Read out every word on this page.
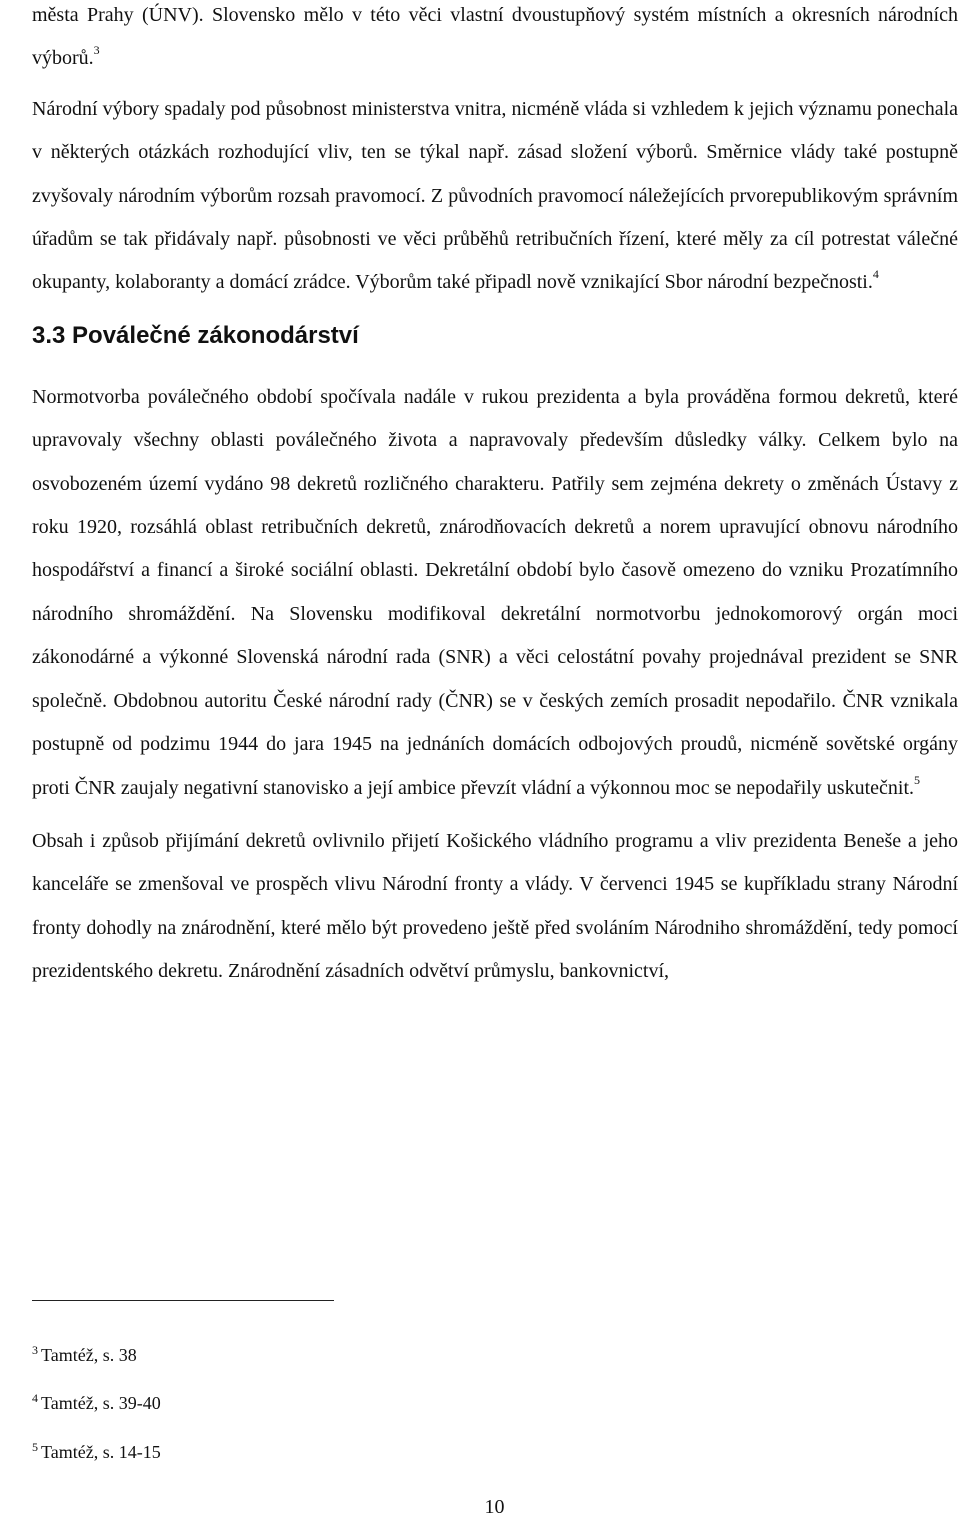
města Prahy (ÚNV). Slovensko mělo v této věci vlastní dvoustupňový systém místních a okresních národních výborů.$^3$

Národní výbory spadaly pod působnost ministerstva vnitra, nicméně vláda si vzhledem k jejich významu ponechala v některých otázkách rozhodující vliv, ten se týkal např. zásad složení výborů. Směrnice vlády také postupně zvyšovaly národním výborům rozsah pravomocí. Z původních pravomocí náležejících prvorepublikovým správním úřadům se tak přidávaly např. působnosti ve věci průběhů retribučních řízení, které měly za cíl potrestat válečné okupanty, kolaboranty a domácí zrádce. Výborům také připadl nově vznikající Sbor národní bezpečnosti.$^4$

3.3 Poválečné zákonodárství

Normotvorba poválečného období spočívala nadále v rukou prezidenta a byla prováděna formou dekretů, které upravovaly všechny oblasti poválečného života a napravovaly především důsledky války. Celkem bylo na osvobozeném území vydáno 98 dekretů rozličného charakteru. Patřily sem zejména dekrety o změnách Ústavy z roku 1920, rozsáhlá oblast retribučních dekretů, znárodňovacích dekretů a norem upravující obnovu národního hospodářství a financí a široké sociální oblasti. Dekretální období bylo časově omezeno do vzniku Prozatímního národního shromáždění. Na Slovensku modifikoval dekretální normotvorbu jednokomorový orgán moci zákonodárné a výkonné Slovenská národní rada (SNR) a věci celostátní povahy projednával prezident se SNR společně. Obdobnou autoritu České národní rady (ČNR) se v českých zemích prosadit nepodařilo. ČNR vznikala postupně od podzimu 1944 do jara 1945 na jednáních domácích odbojových proudů, nicméně sovětské orgány proti ČNR zaujaly negativní stanovisko a její ambice převzít vládní a výkonnou moc se nepodařily uskutečnit.$^5$

Obsah i způsob přijímání dekretů ovlivnilo přijetí Košického vládního programu a vliv prezidenta Beneše a jeho kanceláře se zmenšoval ve prospěch vlivu Národní fronty a vlády. V červenci 1945 se kupříkladu strany Národní fronty dohodly na znárodnění, které mělo být provedeno ještě před svoláním Národniho shromáždění, tedy pomocí prezidentského dekretu. Znárodnění zásadních odvětví průmyslu, bankovnictví,

$^3$ Tamtéž, s. 38
$^4$ Tamtéž, s. 39-40
$^5$ Tamtéž, s. 14-15
10
